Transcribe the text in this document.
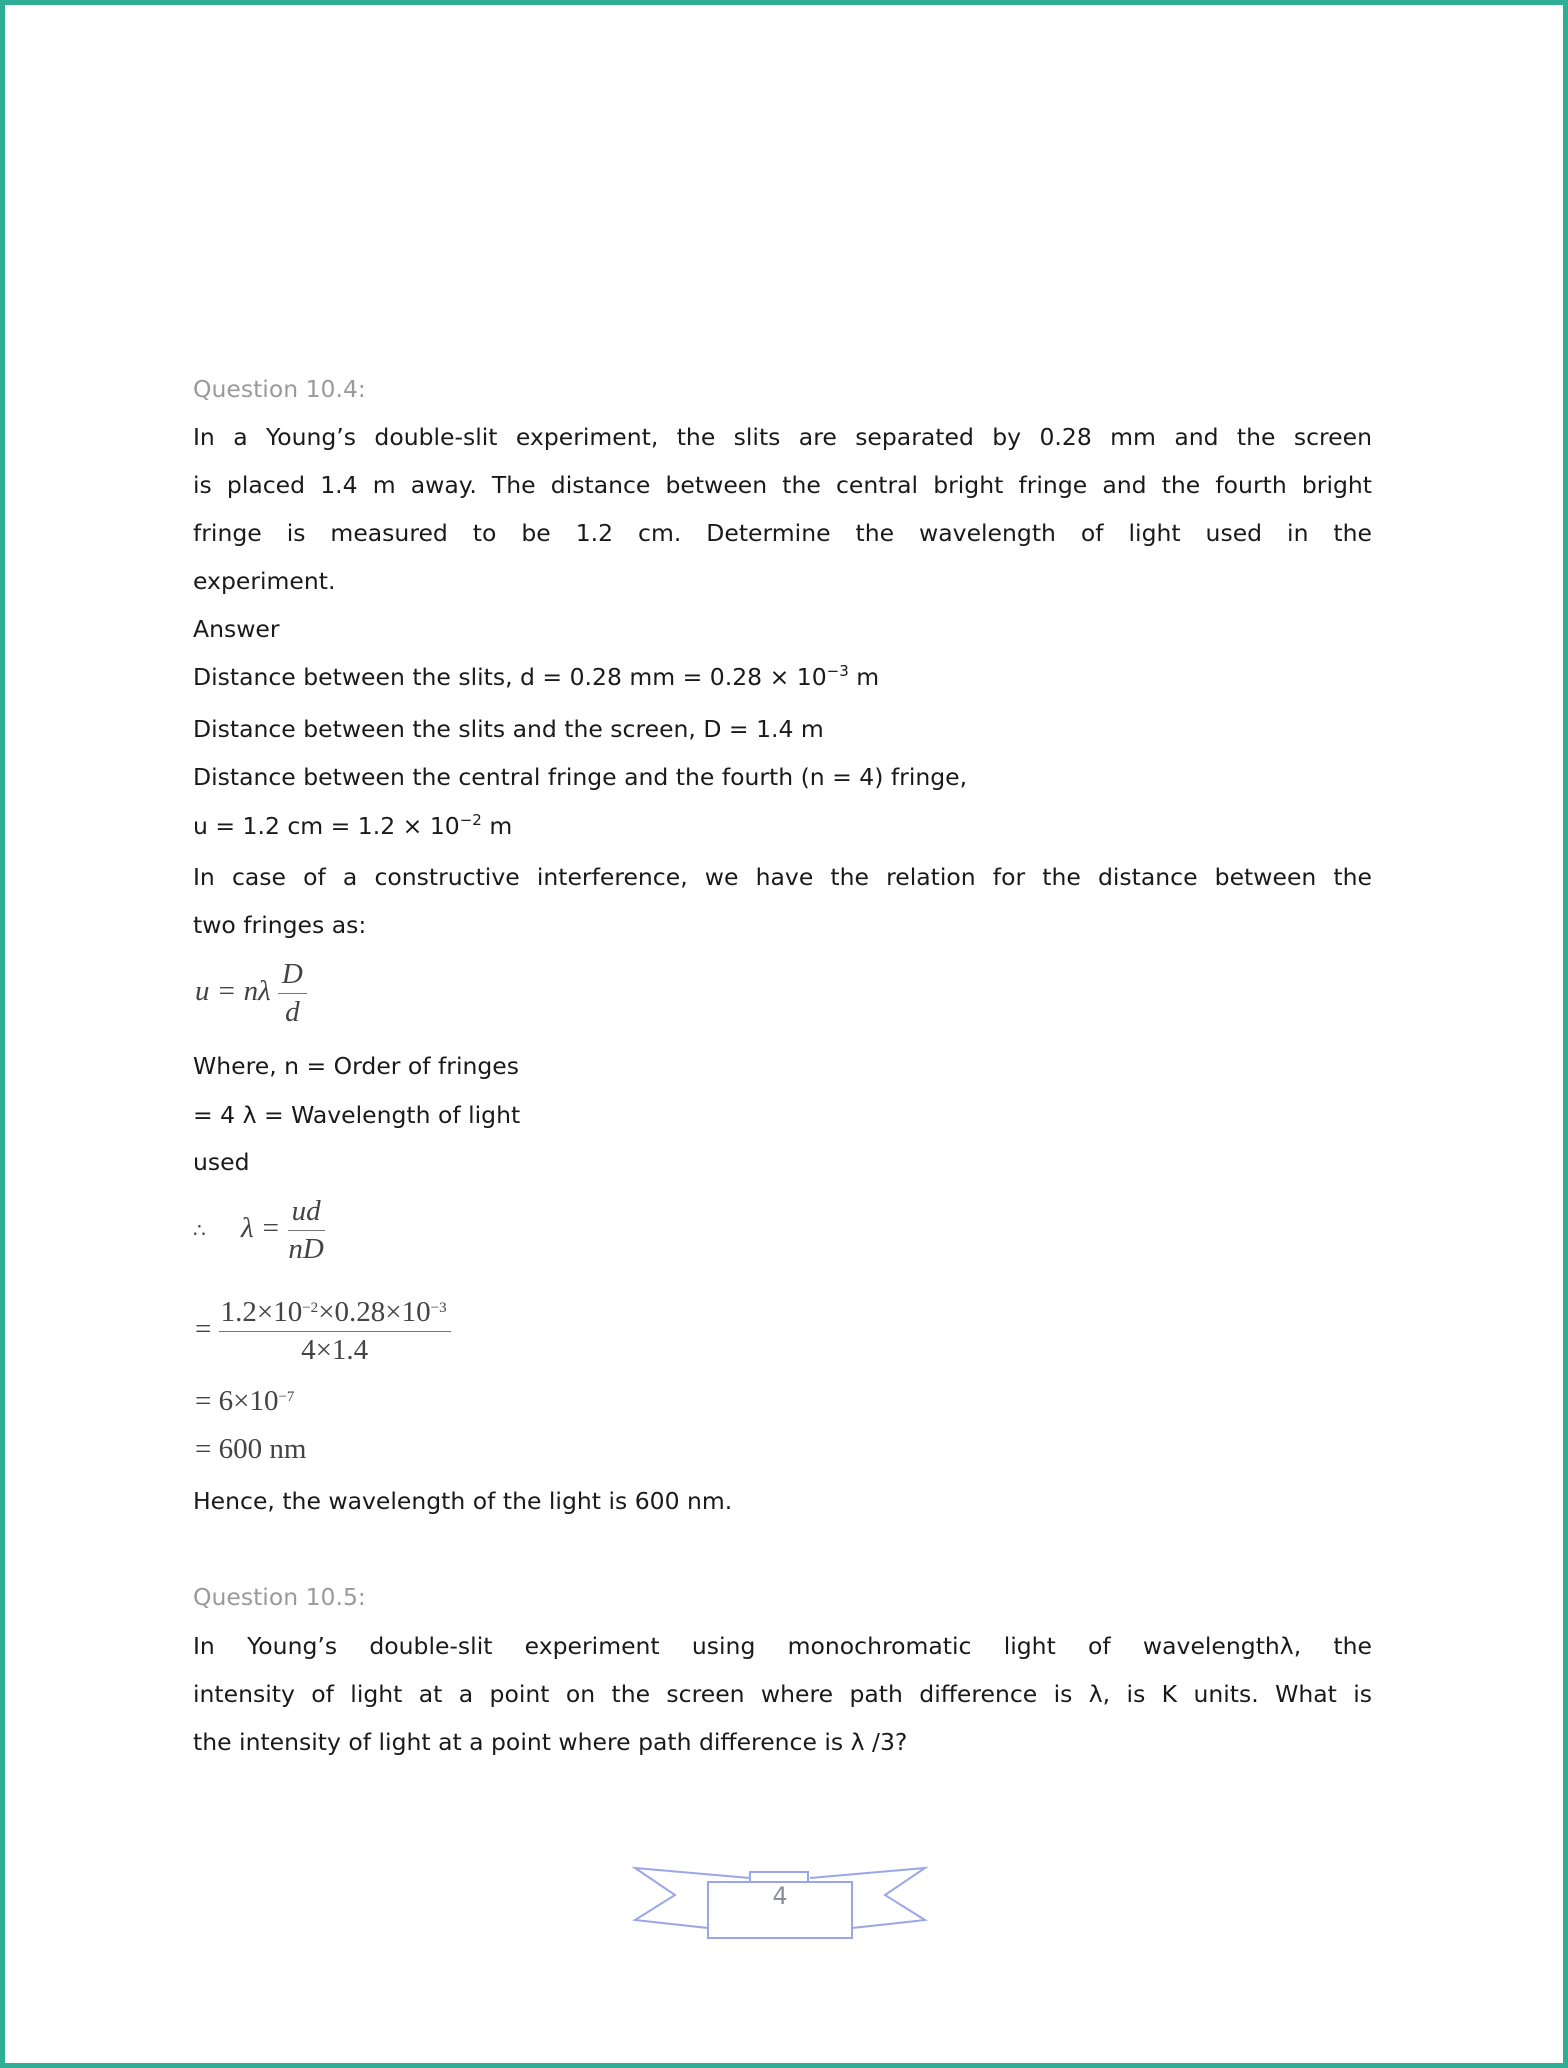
Question 10.4:
In a Young’s double-slit experiment, the slits are separated by 0.28 mm and the screen
is placed 1.4 m away. The distance between the central bright fringe and the fourth bright
fringe is measured to be 1.2 cm. Determine the wavelength of light used in the
experiment.
Answer
Distance between the slits, d = 0.28 mm = $0.28 \times 10^{-3}$ m
Distance between the slits and the screen, D = 1.4 m
Distance between the central fringe and the fourth (n = 4) fringe,
u = 1.2 cm = $1.2 \times 10^{-2}$ m
In case of a constructive interference, we have the relation for the distance between the
two fringes as:
u = nλ $\frac{D}{d}$
Where, n = Order of fringes
= 4 λ = Wavelength of light
used
∴ $\lambda = \frac{ud}{nD}$
= $\frac{1.2\times 10^{-2}\times 0.28\times 10^{-3}}{4\times 1.4}$
= $6\times 10^{-7}$
= 600 nm
Hence, the wavelength of the light is 600 nm.
Question 10.5:
In Young’s double-slit experiment using monochromatic light of wavelengthλ, the
intensity of light at a point on the screen where path difference is λ, is K units. What is
the intensity of light at a point where path difference is λ /3?
4
